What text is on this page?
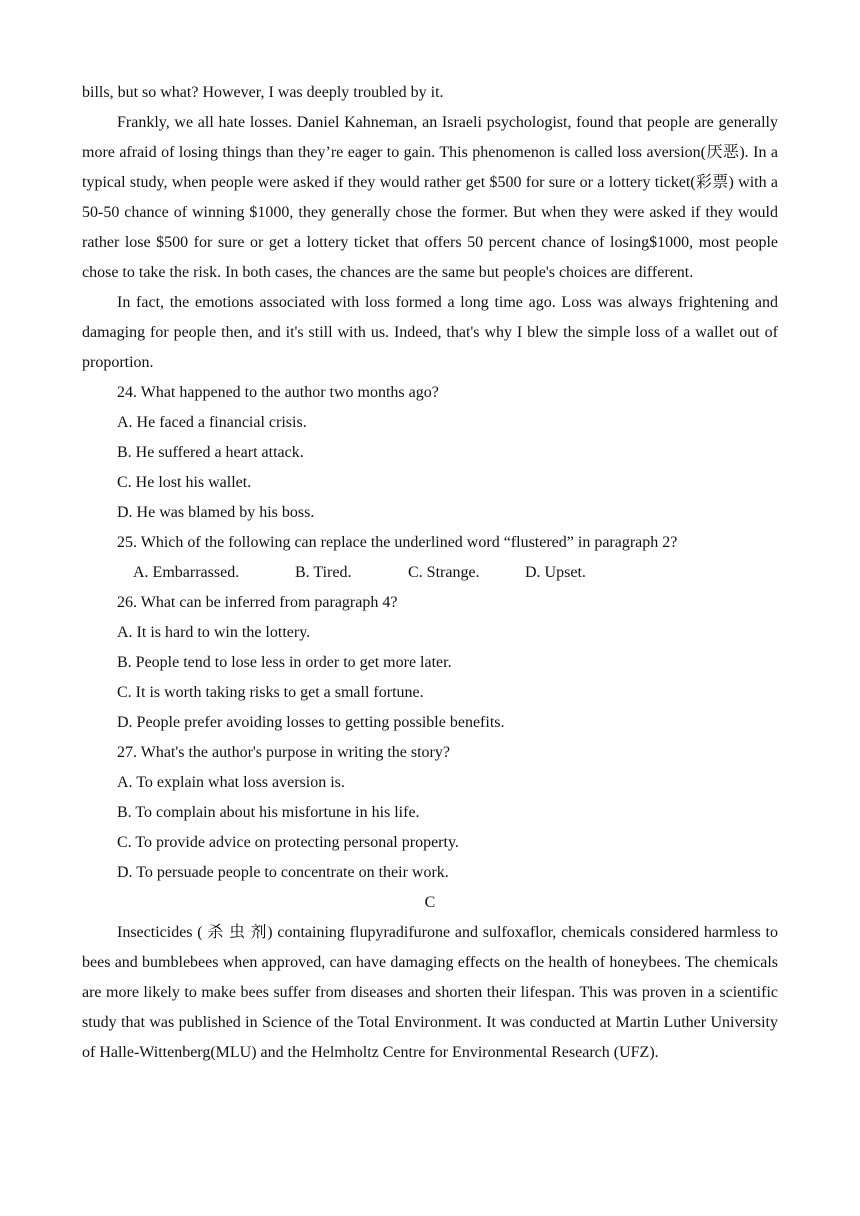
bills, but so what? However, I was deeply troubled by it.

Frankly, we all hate losses. Daniel Kahneman, an Israeli psychologist, found that people are generally more afraid of losing things than they’re eager to gain. This phenomenon is called loss aversion(厌恶). In a typical study, when people were asked if they would rather get $500 for sure or a lottery ticket(彩票) with a 50-50 chance of winning $1000, they generally chose the former. But when they were asked if they would rather lose $500 for sure or get a lottery ticket that offers 50 percent chance of losing$1000, most people chose to take the risk. In both cases, the chances are the same but people's choices are different.

In fact, the emotions associated with loss formed a long time ago. Loss was always frightening and damaging for people then, and it's still with us. Indeed, that's why I blew the simple loss of a wallet out of proportion.

24. What happened to the author two months ago?

A. He faced a financial crisis.

B. He suffered a heart attack.

C. He lost his wallet.

D. He was blamed by his boss.

25. Which of the following can replace the underlined word “flustered” in paragraph 2?

A. Embarrassed.	B. Tired.	C. Strange.	D. Upset.

26. What can be inferred from paragraph 4?

A. It is hard to win the lottery.

B. People tend to lose less in order to get more later.

C. It is worth taking risks to get a small fortune.

D. People prefer avoiding losses to getting possible benefits.

27. What's the author's purpose in writing the story?

A. To explain what loss aversion is.

B. To complain about his misfortune in his life.

C. To provide advice on protecting personal property.

D. To persuade people to concentrate on their work.

C

Insecticides ( 杀 虫 剂) containing flupyradifurone and sulfoxaflor, chemicals considered harmless to bees and bumblebees when approved, can have damaging effects on the health of honeybees. The chemicals are more likely to make bees suffer from diseases and shorten their lifespan. This was proven in a scientific study that was published in Science of the Total Environment. It was conducted at Martin Luther University of Halle-Wittenberg(MLU) and the Helmholtz Centre for Environmental Research (UFZ).
